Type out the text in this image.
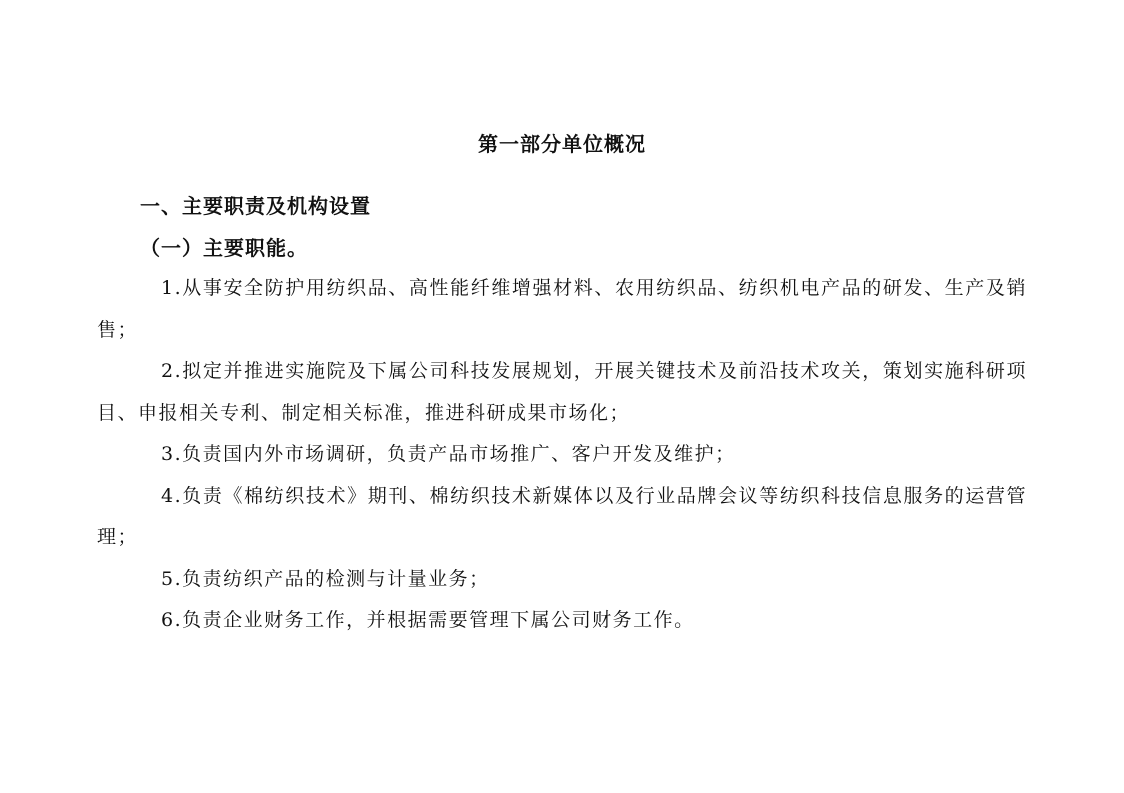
第一部分单位概况
一、主要职责及机构设置
（一）主要职能。
1.从事安全防护用纺织品、高性能纤维增强材料、农用纺织品、纺织机电产品的研发、生产及销售；
2.拟定并推进实施院及下属公司科技发展规划，开展关键技术及前沿技术攻关，策划实施科研项目、申报相关专利、制定相关标准，推进科研成果市场化；
3.负责国内外市场调研，负责产品市场推广、客户开发及维护；
4.负责《棉纺织技术》期刊、棉纺织技术新媒体以及行业品牌会议等纺织科技信息服务的运营管理；
5.负责纺织产品的检测与计量业务；
6.负责企业财务工作，并根据需要管理下属公司财务工作。
